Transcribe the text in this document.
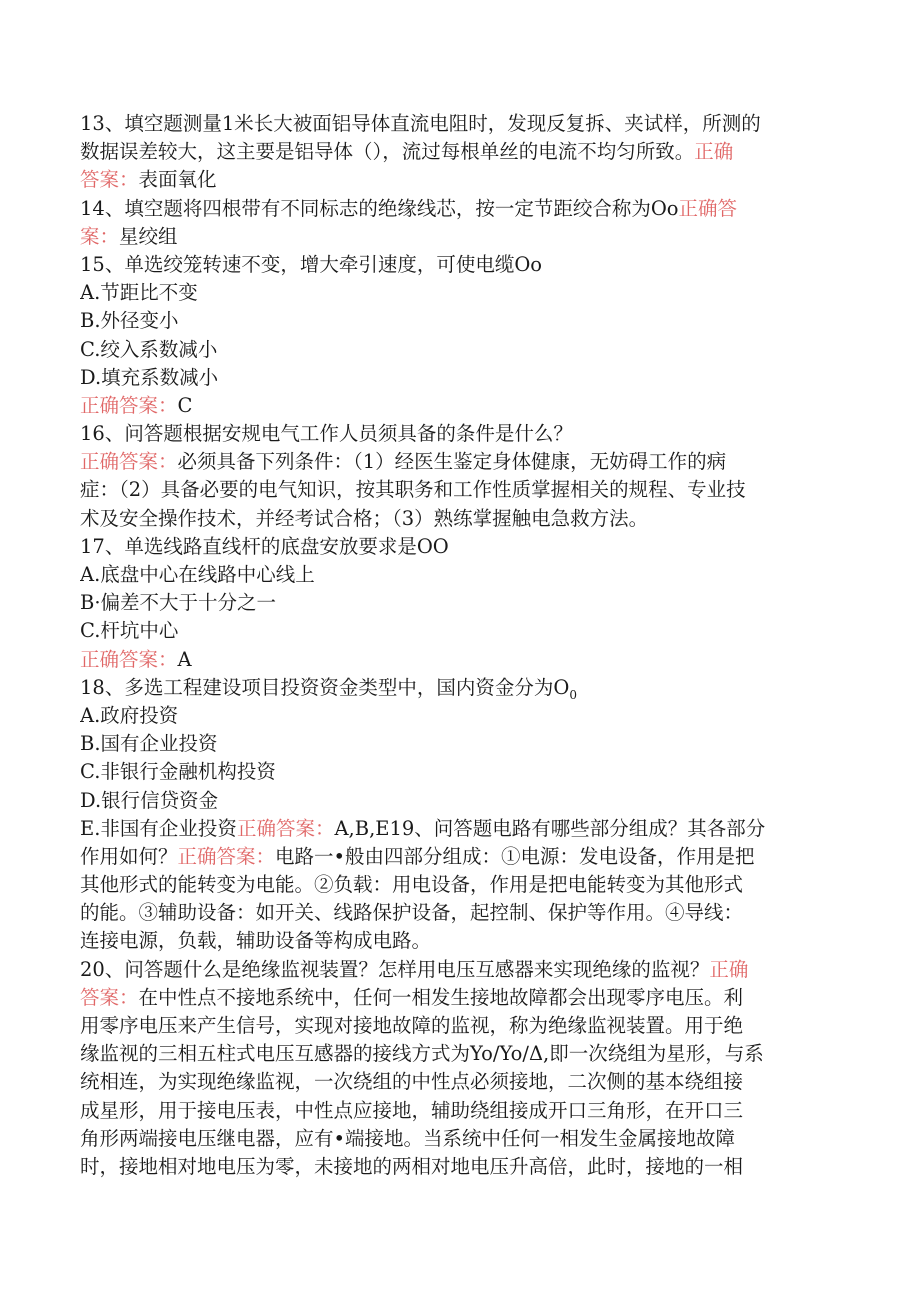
13、填空题测量1米长大被面铝导体直流电阻时，发现反复拆、夹试样，所测的
数据误差较大，这主要是铝导体（），流过每根单丝的电流不均匀所致。正确
答案：表面氧化
14、填空题将四根带有不同标志的绝缘线芯，按一定节距绞合称为Oo正确答
案：星绞组
15、单选绞笼转速不变，增大牵引速度，可使电缆Oo
A.节距比不变
B.外径变小
C.绞入系数减小
D.填充系数减小
正确答案：C
16、问答题根据安规电气工作人员须具备的条件是什么？
正确答案：必须具备下列条件：（1）经医生鉴定身体健康，无妨碍工作的病
症：（2）具备必要的电气知识，按其职务和工作性质掌握相关的规程、专业技
术及安全操作技术，并经考试合格；（3）熟练掌握触电急救方法。
17、单选线路直线杆的底盘安放要求是OO
A.底盘中心在线路中心线上
B·偏差不大于十分之一
C.杆坑中心
正确答案：A
18、多选工程建设项目投资资金类型中，国内资金分为$O_0$
A.政府投资
B.国有企业投资
C.非银行金融机构投资
D.银行信贷资金
E.非国有企业投资正确答案：A,B,E19、问答题电路有哪些部分组成？其各部分
作用如何？正确答案：电路一•般由四部分组成：①电源：发电设备，作用是把
其他形式的能转变为电能。②负载：用电设备，作用是把电能转变为其他形式
的能。③辅助设备：如开关、线路保护设备，起控制、保护等作用。④导线：
连接电源，负载，辅助设备等构成电路。
20、问答题什么是绝缘监视装置？怎样用电压互感器来实现绝缘的监视？正确
答案：在中性点不接地系统中，任何一相发生接地故障都会出现零序电压。利
用零序电压来产生信号，实现对接地故障的监视，称为绝缘监视装置。用于绝
缘监视的三相五柱式电压互感器的接线方式为Yo∕Yo∕Δ,即一次绕组为星形，与系
统相连，为实现绝缘监视，一次绕组的中性点必须接地，二次侧的基本绕组接
成星形，用于接电压表，中性点应接地，辅助绕组接成开口三角形，在开口三
角形两端接电压继电器，应有•端接地。当系统中任何一相发生金属接地故障
时，接地相对地电压为零，未接地的两相对地电压升高倍，此时，接地的一相
